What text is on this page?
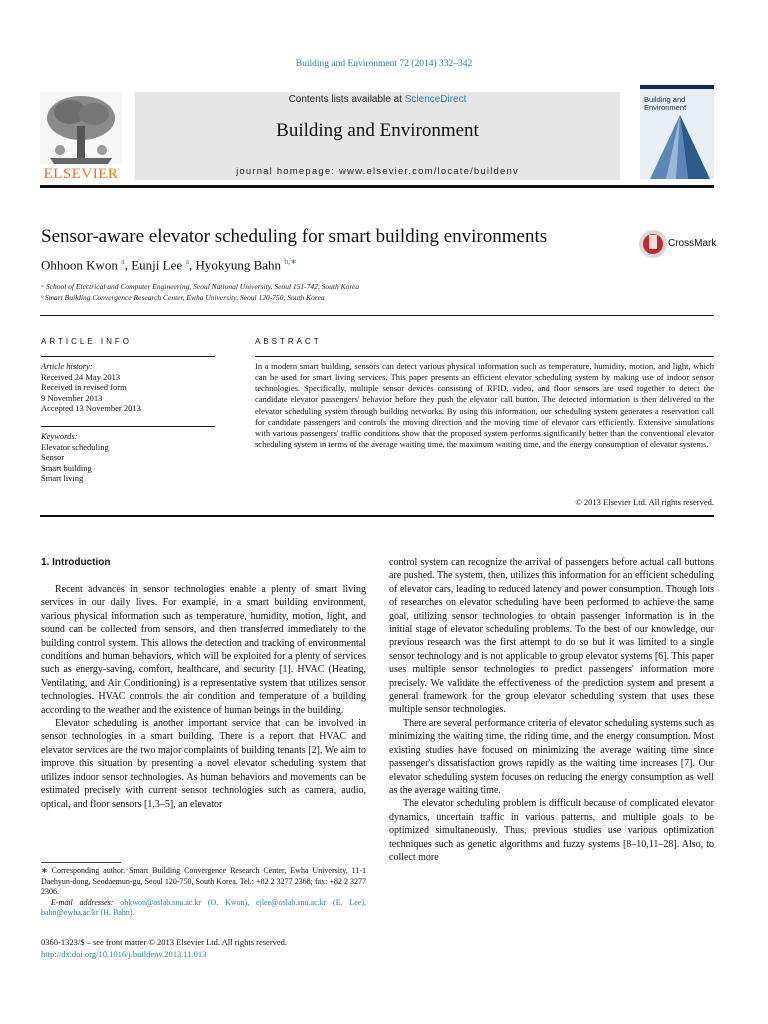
Building and Environment 72 (2014) 332–342
Contents lists available at ScienceDirect
Building and Environment
journal homepage: www.elsevier.com/locate/buildenv
ELSEVIER
Building and Environment
Sensor-aware elevator scheduling for smart building environments
Ohhoon Kwon $^a$, Eunji Lee $^a$, Hyokyung Bahn $^{b,∗}$
CrossMark
ᵃ School of Electrical and Computer Engineering, Seoul National University, Seoul 151-742, South Korea
ᵇ Smart Building Convergence Research Center, Ewha University, Seoul 120-750, South Korea
ARTICLE INFO	ABSTRACT
Article history:
Received 24 May 2013
Received in revised form
9 November 2013
Accepted 13 November 2013
Keywords:
Elevator scheduling
Sensor
Smart building
Smart living
In a modern smart building, sensors can detect various physical information such as temperature, humidity, motion, and light, which can be used for smart living services. This paper presents an efficient elevator scheduling system by making use of indoor sensor technologies. Specifically, multiple sensor devices consisting of RFID, video, and floor sensors are used together to detect the candidate elevator passengers' behavior before they push the elevator call button. The detected information is then delivered to the elevator scheduling system through building networks. By using this information, our scheduling system generates a reservation call for candidate passengers and controls the moving direction and the moving time of elevator cars efficiently. Extensive simulations with various passengers' traffic conditions show that the proposed system performs significantly better than the conventional elevator scheduling system in terms of the average waiting time, the maximum waiting time, and the energy consumption of elevator systems.
© 2013 Elsevier Ltd. All rights reserved.
1. Introduction

Recent advances in sensor technologies enable a plenty of smart living services in our daily lives. For example, in a smart building environment, various physical information such as temperature, humidity, motion, light, and sound can be collected from sensors, and then transferred immediately to the building control system. This allows the detection and tracking of environmental conditions and human behaviors, which will be exploited for a plenty of services such as energy-saving, comfort, healthcare, and security [1]. HVAC (Heating, Ventilating, and Air Conditioning) is a representative system that utilizes sensor technologies. HVAC controls the air condition and temperature of a building according to the weather and the existence of human beings in the building.

Elevator scheduling is another important service that can be involved in sensor technologies in a smart building. There is a report that HVAC and elevator services are the two major complaints of building tenants [2]. We aim to improve this situation by presenting a novel elevator scheduling system that utilizes indoor sensor technologies. As human behaviors and movements can be estimated precisely with current sensor technologies such as camera, audio, optical, and floor sensors [1,3–5], an elevator

control system can recognize the arrival of passengers before actual call buttons are pushed. The system, then, utilizes this information for an efficient scheduling of elevator cars, leading to reduced latency and power consumption. Though lots of researches on elevator scheduling have been performed to achieve the same goal, utilizing sensor technologies to obtain passenger information is in the initial stage of elevator scheduling problems. To the best of our knowledge, our previous research was the first attempt to do so but it was limited to a single sensor technology and is not applicable to group elevator systems [6]. This paper uses multiple sensor technologies to predict passengers' information more precisely. We validate the effectiveness of the prediction system and present a general framework for the group elevator scheduling system that uses these multiple sensor technologies.

There are several performance criteria of elevator scheduling systems such as minimizing the waiting time, the riding time, and the energy consumption. Most existing studies have focused on minimizing the average waiting time since passenger's dissatisfaction grows rapidly as the waiting time increases [7]. Our elevator scheduling system focuses on reducing the energy consumption as well as the average waiting time.

The elevator scheduling problem is difficult because of complicated elevator dynamics, uncertain traffic in various patterns, and multiple goals to be optimized simultaneously. Thus, previous studies use various optimization techniques such as genetic algorithms and fuzzy systems [8–10,11–28]. Also, to collect more

∗ Corresponding author. Smart Building Convergence Research Center, Ewha University, 11-1 Daehyun-dong, Seodaemun-gu, Seoul 120-750, South Korea. Tel.: +82 2 3277 2368; fax: +82 2 3277 2306.
E-mail addresses: ohkwon@oslab.snu.ac.kr (O. Kwon), ejlee@oslab.snu.ac.kr (E. Lee), bahn@ewha.ac.kr (H. Bahn).
0360-1323/$ – see front matter © 2013 Elsevier Ltd. All rights reserved.
http://dx.doi.org/10.1016/j.buildenv.2013.11.013
